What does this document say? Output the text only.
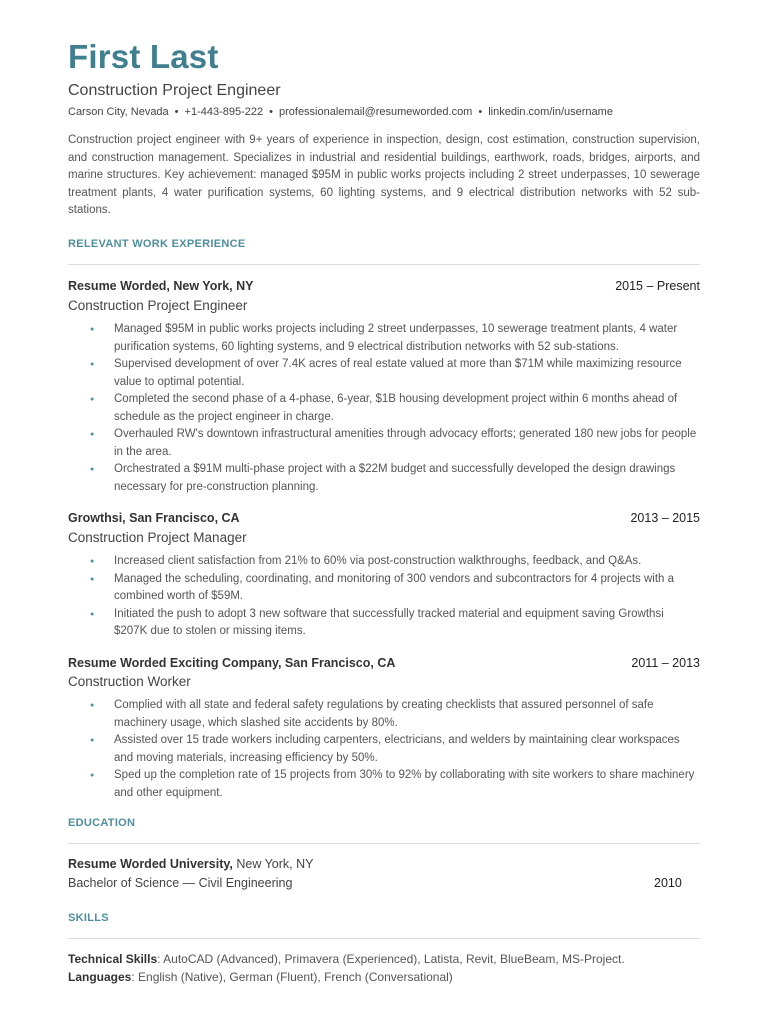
First Last
Construction Project Engineer
Carson City, Nevada • +1-443-895-222 • professionalemail@resumeworded.com • linkedin.com/in/username
Construction project engineer with 9+ years of experience in inspection, design, cost estimation, construction supervision, and construction management. Specializes in industrial and residential buildings, earthwork, roads, bridges, airports, and marine structures. Key achievement: managed $95M in public works projects including 2 street underpasses, 10 sewerage treatment plants, 4 water purification systems, 60 lighting systems, and 9 electrical distribution networks with 52 sub-stations.
RELEVANT WORK EXPERIENCE
Resume Worded, New York, NY	2015 – Present
Construction Project Engineer
● Managed $95M in public works projects including 2 street underpasses, 10 sewerage treatment plants, 4 water purification systems, 60 lighting systems, and 9 electrical distribution networks with 52 sub-stations.
● Supervised development of over 7.4K acres of real estate valued at more than $71M while maximizing resource value to optimal potential.
● Completed the second phase of a 4-phase, 6-year, $1B housing development project within 6 months ahead of schedule as the project engineer in charge.
● Overhauled RW's downtown infrastructural amenities through advocacy efforts; generated 180 new jobs for people in the area.
● Orchestrated a $91M multi-phase project with a $22M budget and successfully developed the design drawings necessary for pre-construction planning.
Growthsi, San Francisco, CA	2013 – 2015
Construction Project Manager
● Increased client satisfaction from 21% to 60% via post-construction walkthroughs, feedback, and Q&As.
● Managed the scheduling, coordinating, and monitoring of 300 vendors and subcontractors for 4 projects with a combined worth of $59M.
● Initiated the push to adopt 3 new software that successfully tracked material and equipment saving Growthsi $207K due to stolen or missing items.
Resume Worded Exciting Company, San Francisco, CA	2011 – 2013
Construction Worker
● Complied with all state and federal safety regulations by creating checklists that assured personnel of safe machinery usage, which slashed site accidents by 80%.
● Assisted over 15 trade workers including carpenters, electricians, and welders by maintaining clear workspaces and moving materials, increasing efficiency by 50%.
● Sped up the completion rate of 15 projects from 30% to 92% by collaborating with site workers to share machinery and other equipment.
EDUCATION
Resume Worded University, New York, NY
Bachelor of Science — Civil Engineering	2010
SKILLS
Technical Skills: AutoCAD (Advanced), Primavera (Experienced), Latista, Revit, BlueBeam, MS-Project.
Languages: English (Native), German (Fluent), French (Conversational)
